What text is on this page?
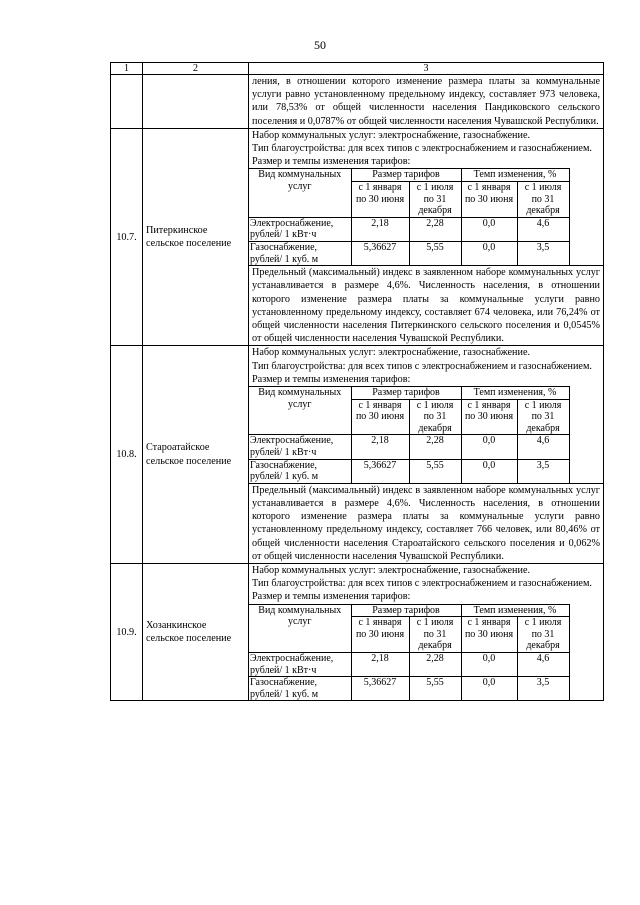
50
1	2	3

ления, в отношении которого изменение размера платы за коммунальные услуги равно установленному предельному индексу, составляет 973 человека, или 78,53% от общей численности населения Пандиковского сельского поселения и 0,0787% от общей численности населения Чувашской Республики.

10.7.	Питеркинское сельское поселение	
Набор коммунальных услуг: электроснабжение, газоснабжение.
Тип благоустройства: для всех типов с электроснабжением и газоснабжением.
Размер и темпы изменения тарифов:
Вид коммунальных услуг	Размер тарифов	Темп изменения, %
с 1 января по 30 июня	с 1 июля по 31 декабря	с 1 января по 30 июня	с 1 июля по 31 декабря
Электроснабжение, рублей/ 1 кВт·ч	2,18	2,28	0,0	4,6
Газоснабжение, рублей/ 1 куб. м	5,36627	5,55	0,0	3,5
Предельный (максимальный) индекс в заявленном наборе коммунальных услуг устанавливается в размере 4,6%. Численность населения, в отношении которого изменение размера платы за коммунальные услуги равно установленному предельному индексу, составляет 674 человека, или 76,24% от общей численности населения Питеркинского сельского поселения и 0,0545% от общей численности населения Чувашской Республики.

10.8.	Староатайское сельское поселение	
Набор коммунальных услуг: электроснабжение, газоснабжение.
Тип благоустройства: для всех типов с электроснабжением и газоснабжением.
Размер и темпы изменения тарифов:
Вид коммунальных услуг	Размер тарифов	Темп изменения, %
с 1 января по 30 июня	с 1 июля по 31 декабря	с 1 января по 30 июня	с 1 июля по 31 декабря
Электроснабжение, рублей/ 1 кВт·ч	2,18	2,28	0,0	4,6
Газоснабжение, рублей/ 1 куб. м	5,36627	5,55	0,0	3,5
Предельный (максимальный) индекс в заявленном наборе коммунальных услуг устанавливается в размере 4,6%. Численность населения, в отношении которого изменение размера платы за коммунальные услуги равно установленному предельному индексу, составляет 766 человек, или 80,46% от общей численности населения Староатайского сельского поселения и 0,062% от общей численности населения Чувашской Республики.

10.9.	Хозанкинское сельское поселение	
Набор коммунальных услуг: электроснабжение, газоснабжение.
Тип благоустройства: для всех типов с электроснабжением и газоснабжением.
Размер и темпы изменения тарифов:
Вид коммунальных услуг	Размер тарифов	Темп изменения, %
с 1 января по 30 июня	с 1 июля по 31 декабря	с 1 января по 30 июня	с 1 июля по 31 декабря
Электроснабжение, рублей/ 1 кВт·ч	2,18	2,28	0,0	4,6
Газоснабжение, рублей/ 1 куб. м	5,36627	5,55	0,0	3,5
